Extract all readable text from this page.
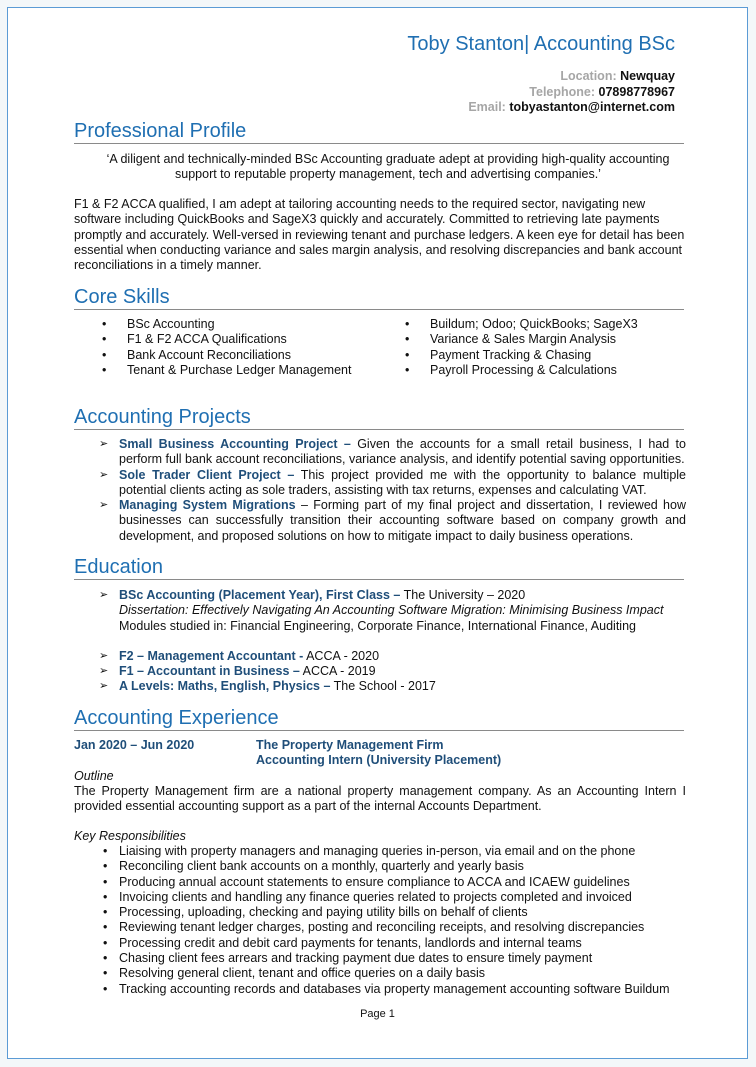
Toby Stanton| Accounting BSc
Location: Newquay
Telephone: 07898778967
Email: tobyastanton@internet.com
Professional Profile
‘A diligent and technically-minded BSc Accounting graduate adept at providing high-quality accounting support to reputable property management, tech and advertising companies.’
F1 & F2 ACCA qualified, I am adept at tailoring accounting needs to the required sector, navigating new software including QuickBooks and SageX3 quickly and accurately. Committed to retrieving late payments promptly and accurately. Well-versed in reviewing tenant and purchase ledgers. A keen eye for detail has been essential when conducting variance and sales margin analysis, and resolving discrepancies and bank account reconciliations in a timely manner.
Core Skills
• BSc Accounting
• F1 & F2 ACCA Qualifications
• Bank Account Reconciliations
• Tenant & Purchase Ledger Management
• Buildum; Odoo; QuickBooks; SageX3
• Variance & Sales Margin Analysis
• Payment Tracking & Chasing
• Payroll Processing & Calculations
Accounting Projects
➢ Small Business Accounting Project – Given the accounts for a small retail business, I had to perform full bank account reconciliations, variance analysis, and identify potential saving opportunities.
➢ Sole Trader Client Project – This project provided me with the opportunity to balance multiple potential clients acting as sole traders, assisting with tax returns, expenses and calculating VAT.
➢ Managing System Migrations – Forming part of my final project and dissertation, I reviewed how businesses can successfully transition their accounting software based on company growth and development, and proposed solutions on how to mitigate impact to daily business operations.
Education
➢ BSc Accounting (Placement Year), First Class – The University – 2020
Dissertation: Effectively Navigating An Accounting Software Migration: Minimising Business Impact
Modules studied in: Financial Engineering, Corporate Finance, International Finance, Auditing
➢ F2 – Management Accountant - ACCA - 2020
➢ F1 – Accountant in Business – ACCA - 2019
➢ A Levels: Maths, English, Physics – The School - 2017
Accounting Experience
Jan 2020 – Jun 2020	The Property Management Firm
Accounting Intern (University Placement)
Outline
The Property Management firm are a national property management company. As an Accounting Intern I provided essential accounting support as a part of the internal Accounts Department.
Key Responsibilities
• Liaising with property managers and managing queries in-person, via email and on the phone
• Reconciling client bank accounts on a monthly, quarterly and yearly basis
• Producing annual account statements to ensure compliance to ACCA and ICAEW guidelines
• Invoicing clients and handling any finance queries related to projects completed and invoiced
• Processing, uploading, checking and paying utility bills on behalf of clients
• Reviewing tenant ledger charges, posting and reconciling receipts, and resolving discrepancies
• Processing credit and debit card payments for tenants, landlords and internal teams
• Chasing client fees arrears and tracking payment due dates to ensure timely payment
• Resolving general client, tenant and office queries on a daily basis
• Tracking accounting records and databases via property management accounting software Buildum
Page 1
